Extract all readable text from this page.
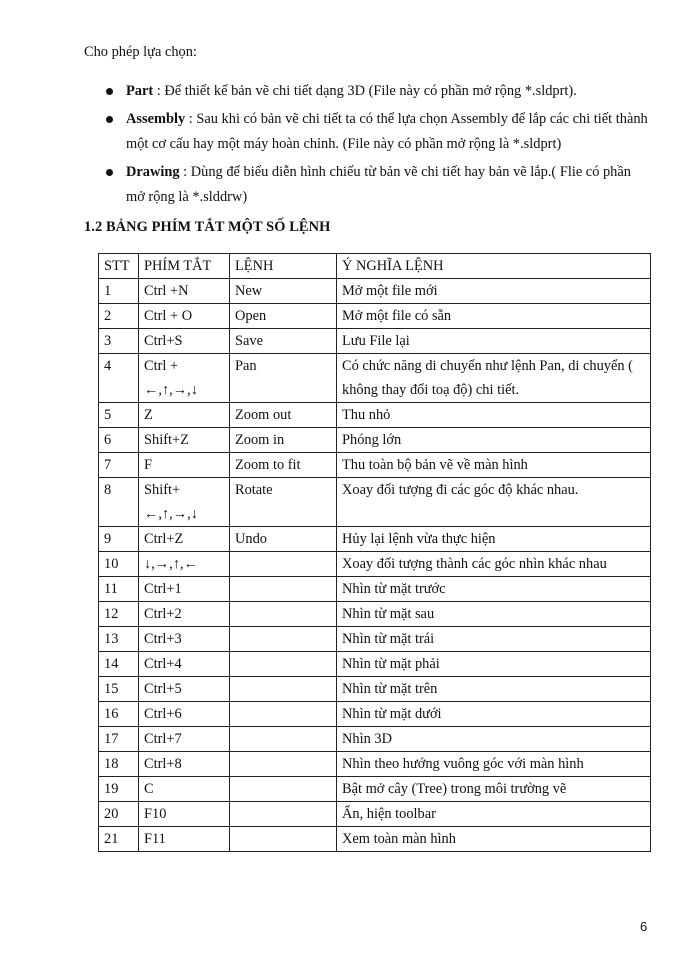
Cho phép lựa chọn:
Part : Để thiết kế bản vẽ chi tiết dạng 3D (File này có phần mở rộng *.sldprt).
Assembly : Sau khi có bản vẽ chi tiết ta có thể lựa chọn Assembly để lắp các chi tiết thành một cơ cấu hay một máy hoàn chỉnh. (File này có phần mở rộng là *.sldprt)
Drawing : Dùng để biểu diễn hình chiếu từ bản vẽ chi tiết hay bản vẽ lắp.( Flie có phần mở rộng là *.slddrw)
1.2 BẢNG PHÍM TẮT MỘT SỐ LỆNH
STT	PHÍM TẮT	LỆNH	Ý NGHĨA LỆNH
1	Ctrl +N	New	Mở một file mới
2	Ctrl + O	Open	Mở một file có sẵn
3	Ctrl+S	Save	Lưu File lại
4	Ctrl + ←,↑,→,↓	Pan	Có chức năng di chuyển như lệnh Pan, di chuyển ( không thay đổi toạ độ) chi tiết.
5	Z	Zoom out	Thu nhỏ
6	Shift+Z	Zoom in	Phóng lớn
7	F	Zoom to fit	Thu toàn bộ bản vẽ về màn hình
8	Shift+ ←,↑,→,↓	Rotate	Xoay đối tượng đi các góc độ khác nhau.
9	Ctrl+Z	Undo	Hủy lại lệnh vừa thực hiện
10	↓,→,↑,←		Xoay đối tượng thành các góc nhìn khác nhau
11	Ctrl+1		Nhìn từ mặt trước
12	Ctrl+2		Nhìn từ mặt sau
13	Ctrl+3		Nhìn từ mặt trái
14	Ctrl+4		Nhìn từ mặt phải
15	Ctrl+5		Nhìn từ mặt trên
16	Ctrl+6		Nhìn từ mặt dưới
17	Ctrl+7		Nhìn 3D
18	Ctrl+8		Nhìn theo hướng vuông góc với màn hình
19	C		Bật mở cây (Tree) trong môi trường vẽ
20	F10		Ẩn, hiện toolbar
21	F11		Xem toàn màn hình
6
